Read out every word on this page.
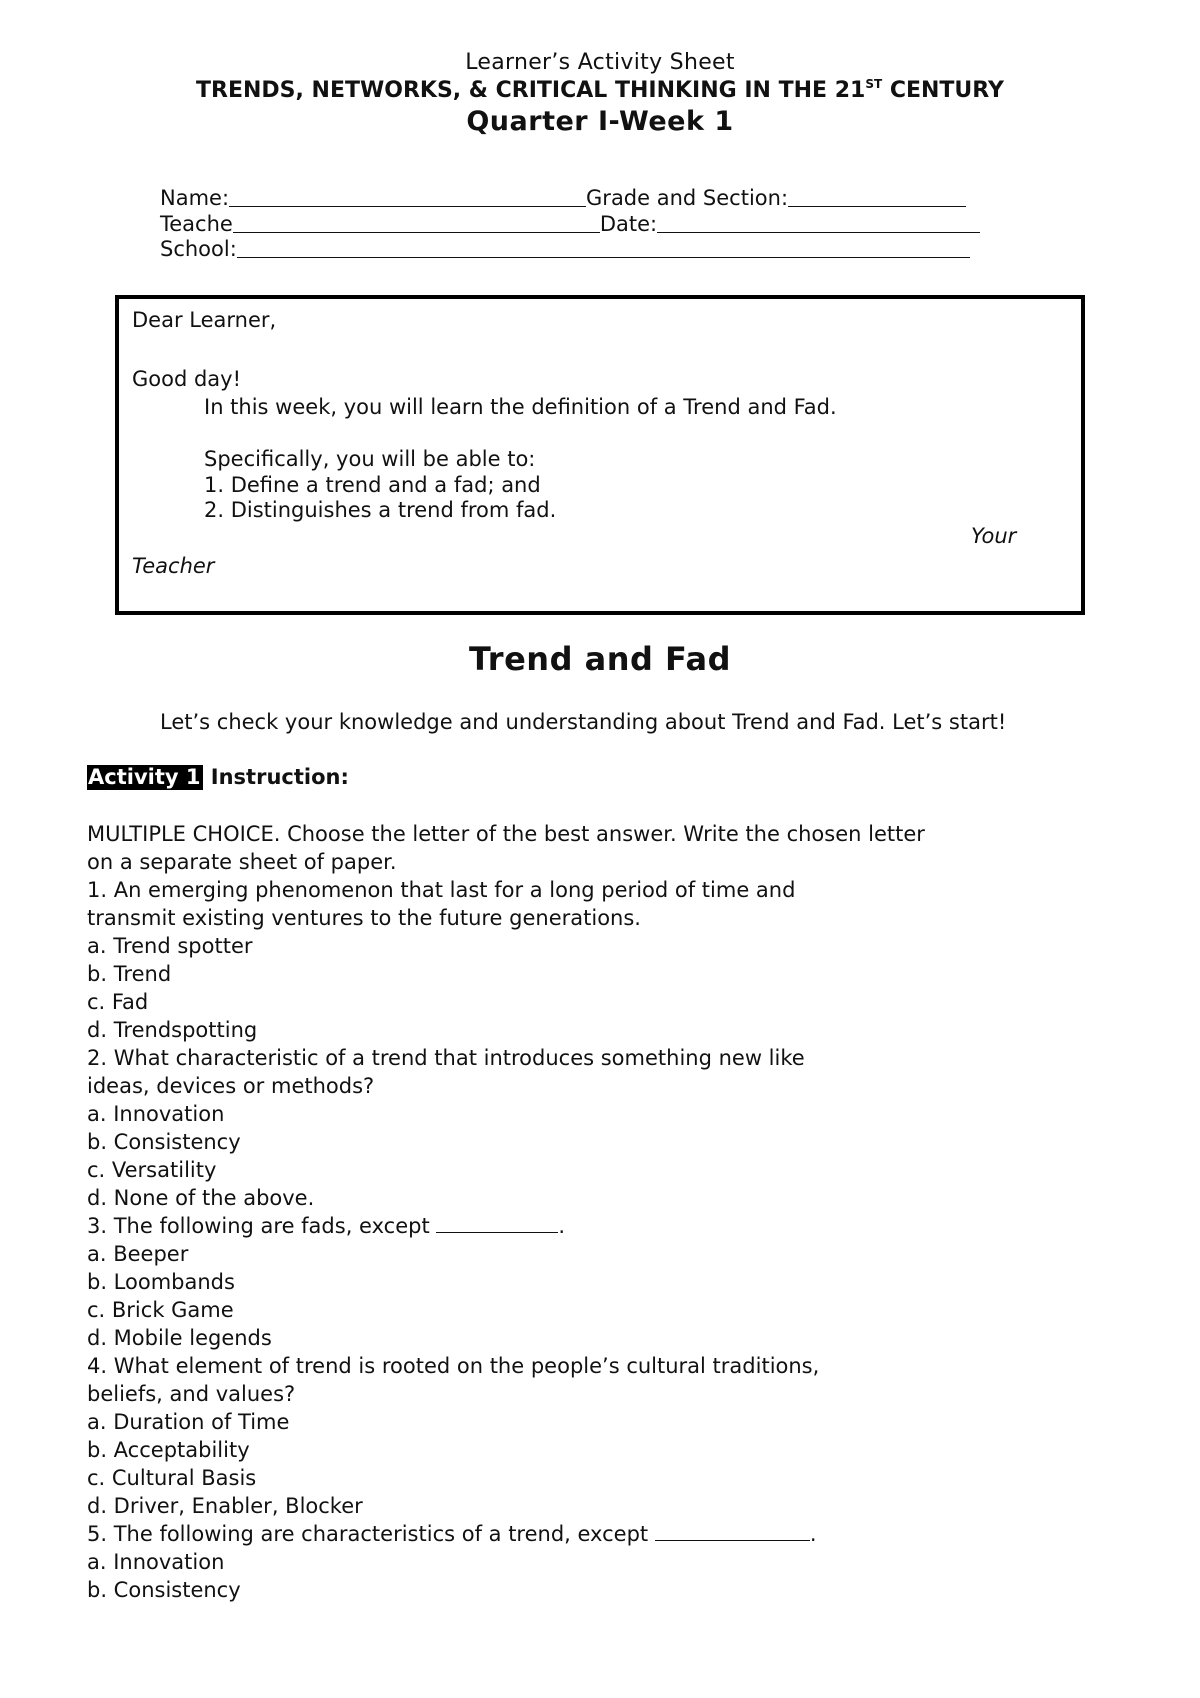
Learner’s Activity Sheet
TRENDS, NETWORKS, & CRITICAL THINKING IN THE 21ST CENTURY
Quarter I-Week 1
Name:	Grade and Section:
Teache	Date:
School:
Dear Learner,
Good day!
In this week, you will learn the definition of a Trend and Fad.
Specifically, you will be able to:
1. Define a trend and a fad; and
2. Distinguishes a trend from fad.
Your
Teacher
Trend and Fad
Let’s check your knowledge and understanding about Trend and Fad. Let’s start!
Activity 1 Instruction:
MULTIPLE CHOICE. Choose the letter of the best answer. Write the chosen letter
on a separate sheet of paper.
1. An emerging phenomenon that last for a long period of time and
transmit existing ventures to the future generations.
a. Trend spotter
b. Trend
c. Fad
d. Trendspotting
2. What characteristic of a trend that introduces something new like
ideas, devices or methods?
a. Innovation
b. Consistency
c. Versatility
d. None of the above.
3. The following are fads, except	.
a. Beeper
b. Loombands
c. Brick Game
d. Mobile legends
4. What element of trend is rooted on the people’s cultural traditions,
beliefs, and values?
a. Duration of Time
b. Acceptability
c. Cultural Basis
d. Driver, Enabler, Blocker
5. The following are characteristics of a trend, except	.
a. Innovation
b. Consistency
